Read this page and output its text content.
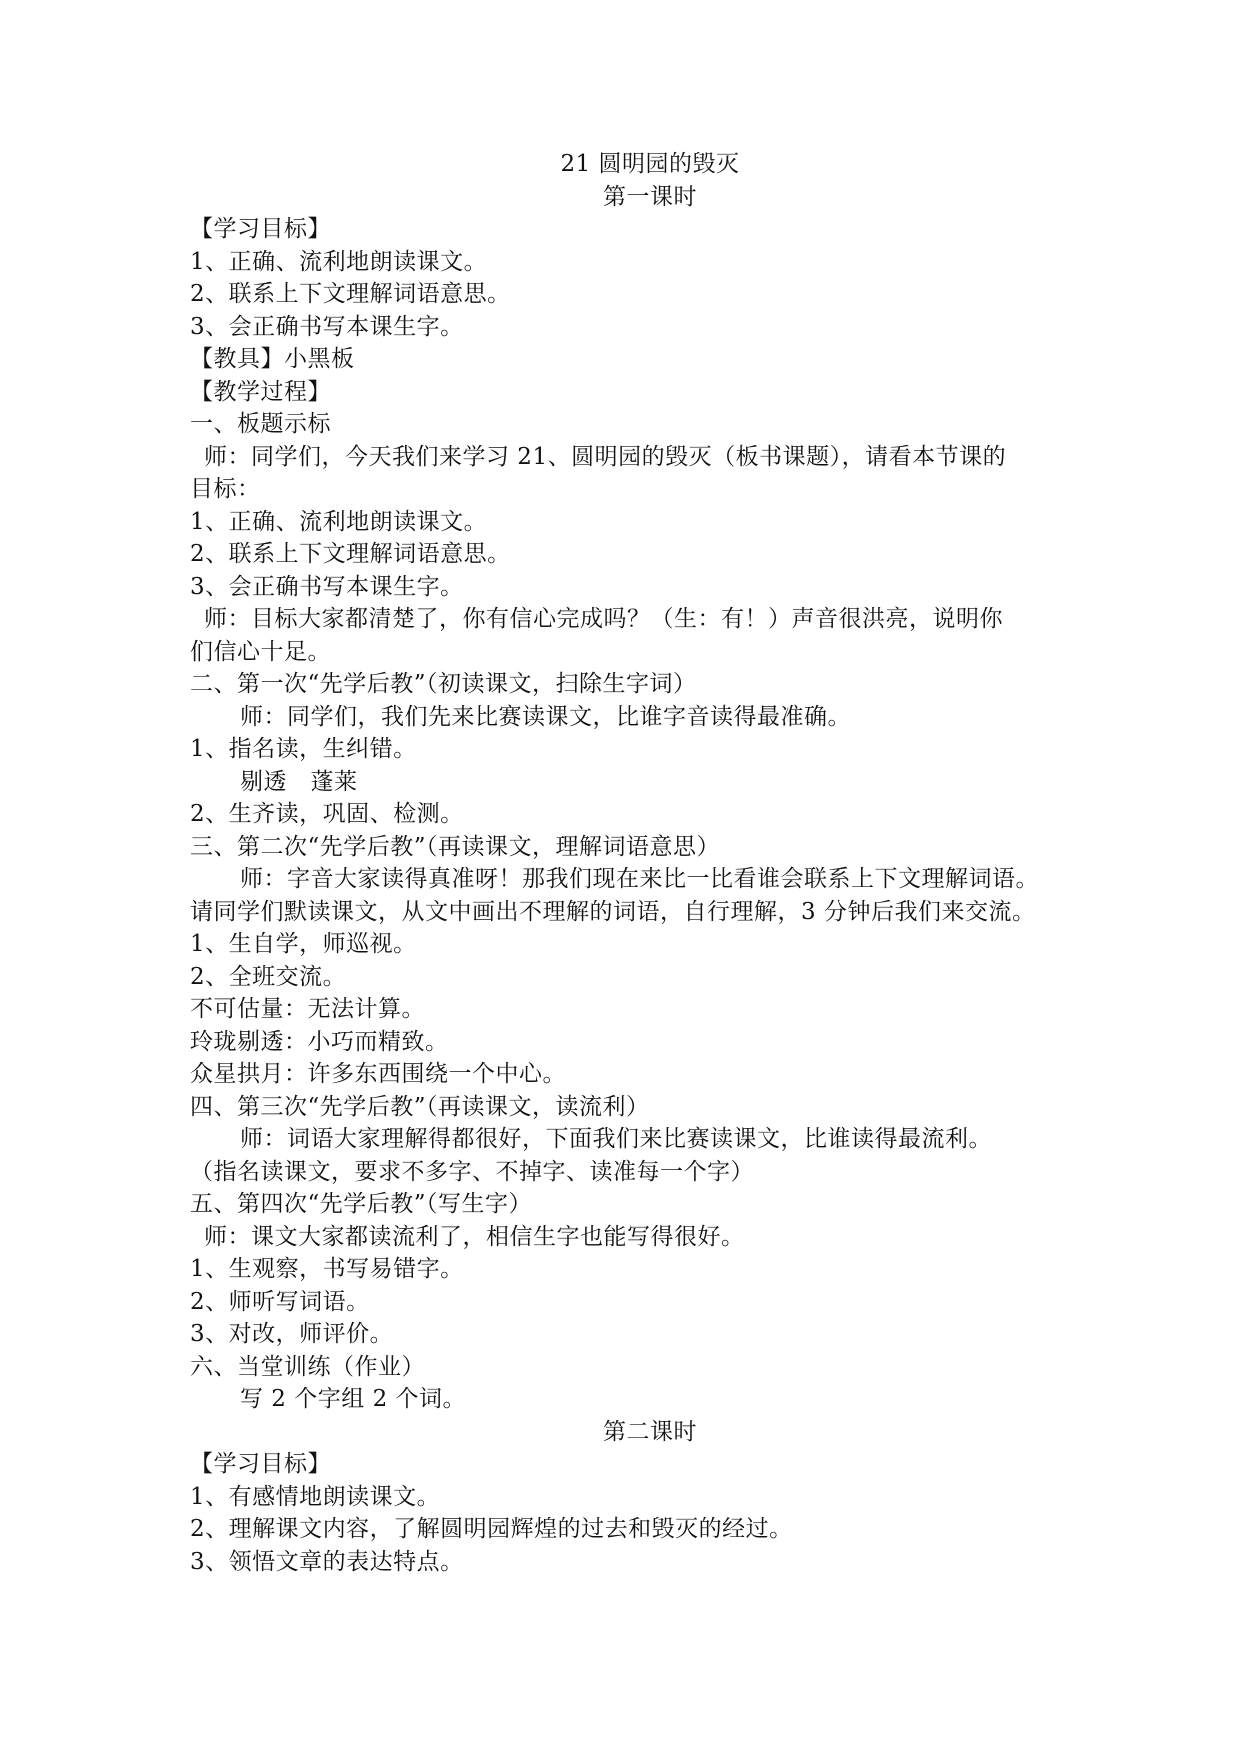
21 圆明园的毁灭
第一课时
【学习目标】
1、正确、流利地朗读课文。
2、联系上下文理解词语意思。
3、会正确书写本课生字。
【教具】小黑板
【教学过程】
一、板题示标
师：同学们，今天我们来学习 21、圆明园的毁灭（板书课题），请看本节课的
目标：
1、正确、流利地朗读课文。
2、联系上下文理解词语意思。
3、会正确书写本课生字。
师：目标大家都清楚了，你有信心完成吗？（生：有！）声音很洪亮，说明你
们信心十足。
二、第一次“先学后教”（初读课文，扫除生字词）
师：同学们，我们先来比赛读课文，比谁字音读得最准确。
1、指名读，生纠错。
剔透　蓬莱
2、生齐读，巩固、检测。
三、第二次“先学后教”（再读课文，理解词语意思）
师：字音大家读得真准呀！那我们现在来比一比看谁会联系上下文理解词语。
请同学们默读课文，从文中画出不理解的词语，自行理解，3 分钟后我们来交流。
1、生自学，师巡视。
2、全班交流。
不可估量：无法计算。
玲珑剔透：小巧而精致。
众星拱月：许多东西围绕一个中心。
四、第三次“先学后教”（再读课文，读流利）
师：词语大家理解得都很好，下面我们来比赛读课文，比谁读得最流利。
（指名读课文，要求不多字、不掉字、读准每一个字）
五、第四次“先学后教”（写生字）
师：课文大家都读流利了，相信生字也能写得很好。
1、生观察，书写易错字。
2、师听写词语。
3、对改，师评价。
六、当堂训练（作业）
写 2 个字组 2 个词。
第二课时
【学习目标】
1、有感情地朗读课文。
2、理解课文内容，了解圆明园辉煌的过去和毁灭的经过。
3、领悟文章的表达特点。
